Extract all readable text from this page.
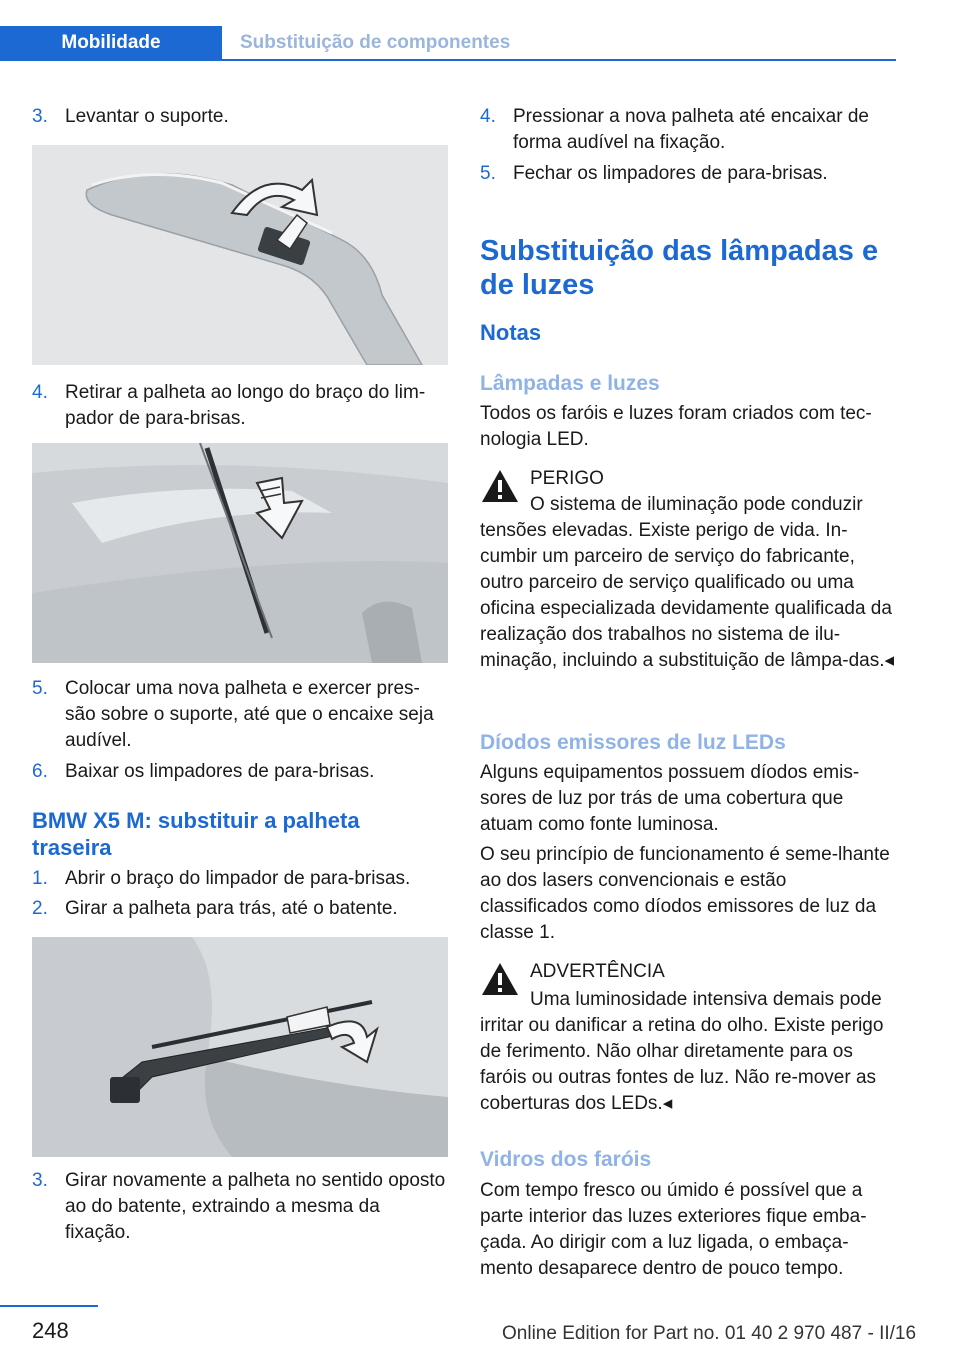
Mobilidade	Substituição de componentes
3. Levantar o suporte.
4. Retirar a palheta ao longo do braço do lim-pador de para-brisas.
5. Colocar uma nova palheta e exercer pres-são sobre o suporte, até que o encaixe seja audível.
6. Baixar os limpadores de para-brisas.
BMW X5 M: substituir a palheta traseira
1. Abrir o braço do limpador de para-brisas.
2. Girar a palheta para trás, até o batente.
3. Girar novamente a palheta no sentido oposto ao do batente, extraindo a mesma da fixação.
4. Pressionar a nova palheta até encaixar de forma audível na fixação.
5. Fechar os limpadores de para-brisas.
Substituição das lâmpadas e de luzes
Notas
Lâmpadas e luzes
Todos os faróis e luzes foram criados com tec-nologia LED.
PERIGO
O sistema de iluminação pode conduzir tensões elevadas. Existe perigo de vida. In-cumbir um parceiro de serviço do fabricante, outro parceiro de serviço qualificado ou uma oficina especializada devidamente qualificada da realização dos trabalhos no sistema de ilu-minação, incluindo a substituição de lâmpa-das.◂
Díodos emissores de luz LEDs
Alguns equipamentos possuem díodos emis-sores de luz por trás de uma cobertura que atuam como fonte luminosa.
O seu princípio de funcionamento é seme-lhante ao dos lasers convencionais e estão classificados como díodos emissores de luz da classe 1.
ADVERTÊNCIA
Uma luminosidade intensiva demais pode irritar ou danificar a retina do olho. Existe perigo de ferimento. Não olhar diretamente para os faróis ou outras fontes de luz. Não re-mover as coberturas dos LEDs.◂
Vidros dos faróis
Com tempo fresco ou úmido é possível que a parte interior das luzes exteriores fique emba-çada. Ao dirigir com a luz ligada, o embaça-mento desaparece dentro de pouco tempo.
248	Online Edition for Part no. 01 40 2 970 487 - II/16
